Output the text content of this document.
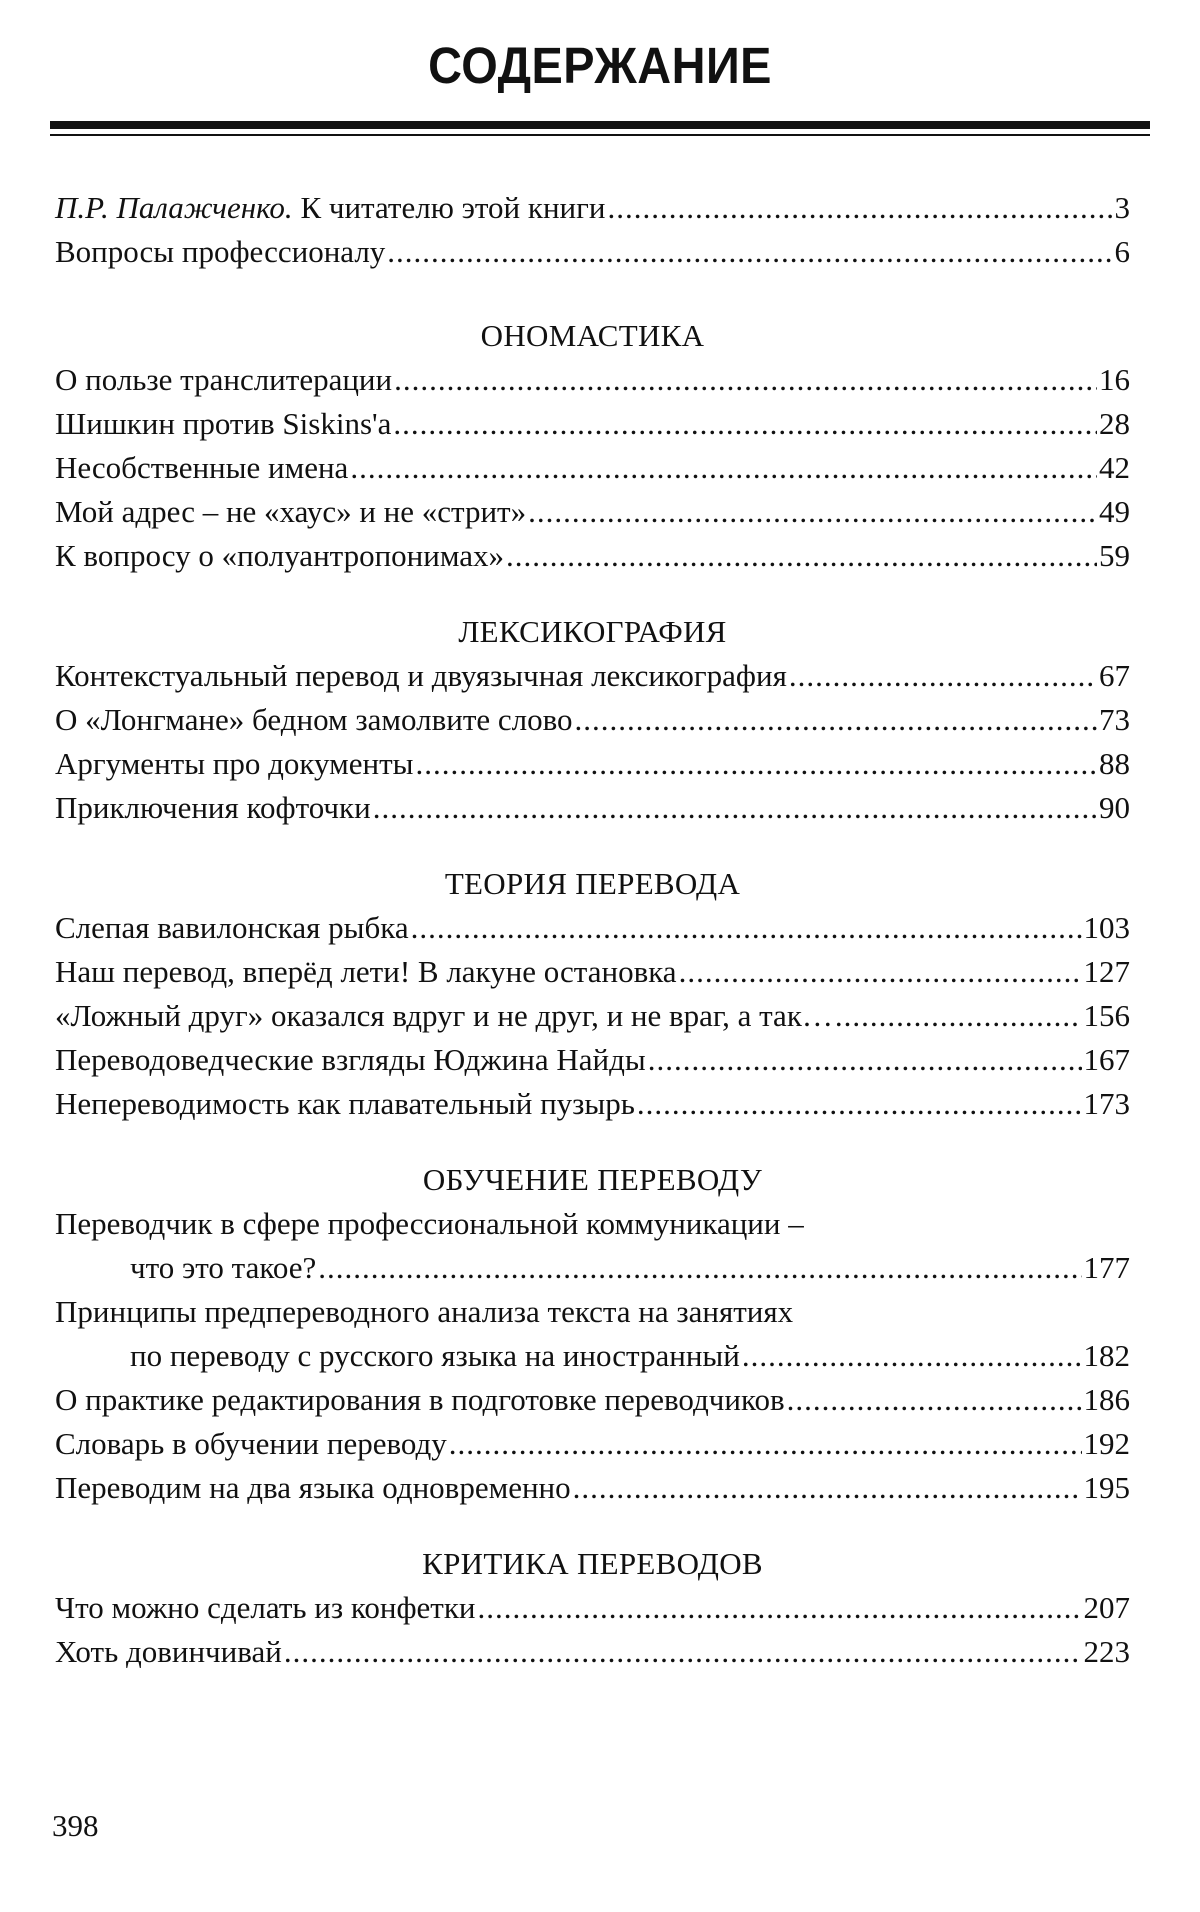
СОДЕРЖАНИЕ
П.Р. Палажченко.
К читателю этой книги .....	3
Вопросы профессионалу .....	6
ОНОМАСТИКА
О пользе транслитерации .....	16
Шишкин против Siskins'а .....	28
Несобственные имена .....	42
Мой адрес – не «хаус» и не «стрит» .....	49
К вопросу о «полуантропонимах» .....	59
ЛЕКСИКОГРАФИЯ
Контекстуальный перевод и двуязычная лексикография .....	67
О «Лонгмане» бедном замолвите слово .....	73
Аргументы про документы .....	88
Приключения кофточки .....	90
ТЕОРИЯ ПЕРЕВОДА
Слепая вавилонская рыбка .....	103
Наш перевод, вперёд лети! В лакуне остановка .....	127
«Ложный друг» оказался вдруг и не друг, и не враг, а так… .....	156
Переводоведческие взгляды Юджина Найды .....	167
Непереводимость как плавательный пузырь .....	173
ОБУЧЕНИЕ ПЕРЕВОДУ
Переводчик в сфере профессиональной коммуникации –
что это такое? .....	177
Принципы предпереводного анализа текста на занятиях
по переводу с русского языка на иностранный .....	182
О практике редактирования в подготовке переводчиков .....	186
Словарь в обучении переводу .....	192
Переводим на два языка одновременно .....	195
КРИТИКА ПЕРЕВОДОВ
Что можно сделать из конфетки .....	207
Хоть довинчивай .....	223
398
